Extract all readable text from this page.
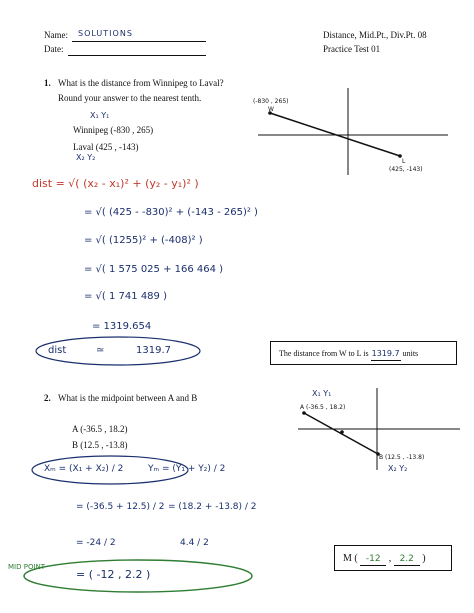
Name: SOLUTIONS
Date:
Distance, Mid.Pt., Div.Pt. 08
Practice Test 01
1. What is the distance from Winnipeg to Laval?
Round your answer to the nearest tenth.
X₁ Y₁
Winnipeg (-830 , 265)
Laval (425 , -143)
X₂ Y₂
(-830 , 265)
W
L
(425, -143)
dist = √( (x₂ - x₁)² + (y₂ - y₁)² )
= √( (425 - -830)² + (-143 - 265)² )
= √( (1255)² + (-408)² )
= √( 1 575 025 + 166 464 )
= √( 1 741 489 )
= 1319.654
dist	≃	1319.7	The distance from W to L is 1319.7 units
2. What is the midpoint between A and B
A (-36.5 , 18.2)
B (12.5 , -13.8)
X₁ Y₁
A (-36.5 , 18.2)
B (12.5 , -13.8)
X₂ Y₂
Xₘ = (X₁ + X₂) / 2	Yₘ = (Y₁ + Y₂) / 2
= (-36.5 + 12.5) / 2 = (18.2 + -13.8) / 2
= -24 / 2	4.4 / 2
MID POINT
= ( -12 , 2.2 )
M ( -12 , 2.2 )
